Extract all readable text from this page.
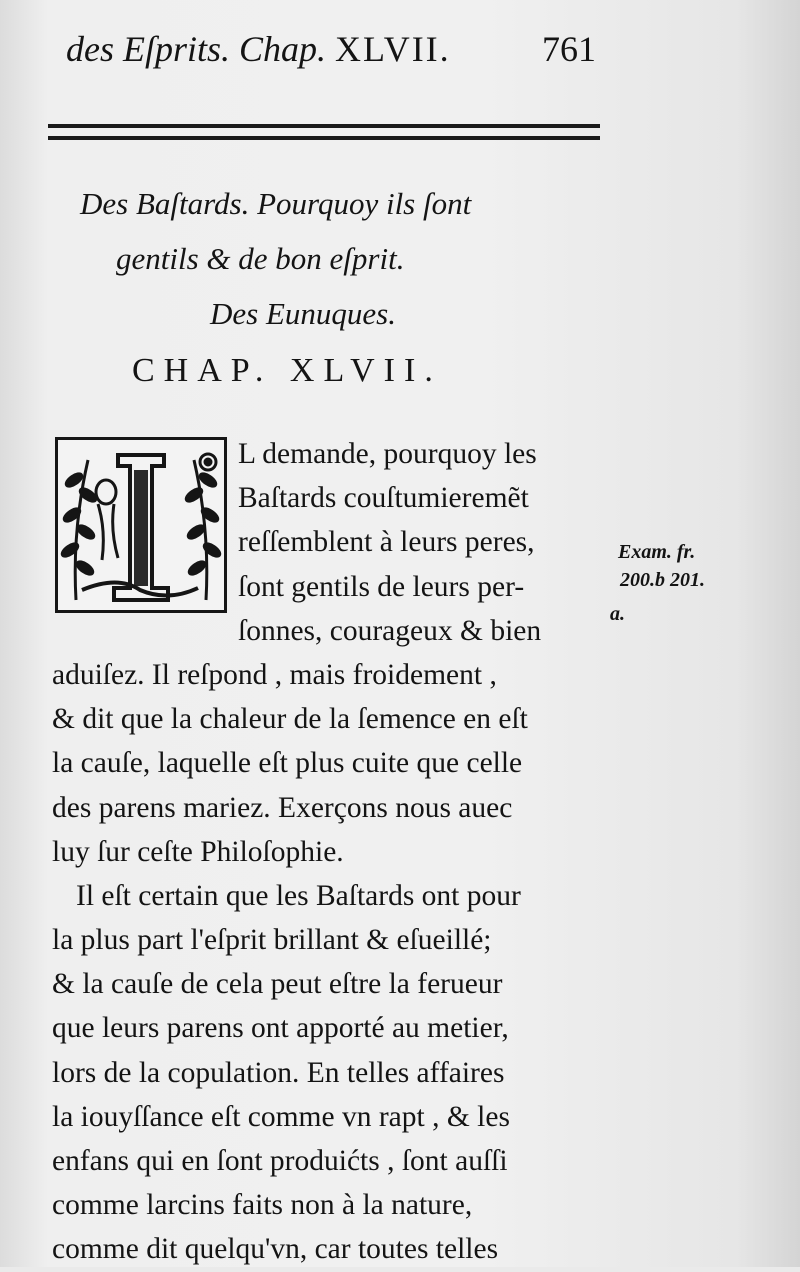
des Eſprits. Chap. XLVII.	761
Des Baſtards. Pourquoy ils ſont
gentils & de bon eſprit.
Des Eunuques.
CHAP. XLVII.
L demande, pourquoy les
Baſtards couſtumieremẽt
reſſemblent à leurs peres,
ſont gentils de leurs per-
ſonnes, courageux & bien
aduiſez. Il reſpond , mais froidement ,
& dit que la chaleur de la ſemence en eſt
la cauſe, laquelle eſt plus cuite que celle
des parens mariez. Exerçons nous auec
luy ſur ceſte Philoſophie.
Il eſt certain que les Baſtards ont pour
la plus part l'eſprit brillant & eſueillé;
& la cauſe de cela peut eſtre la ferueur
que leurs parens ont apporté au metier,
lors de la copulation. En telles affaires
la iouyſſance eſt comme vn rapt , & les
enfans qui en ſont produićts , ſont auſſi
comme larcins faits non à la nature,
comme dit quelqu'vn, car toutes telles
Exam. fr.
200.b 201.
a.
